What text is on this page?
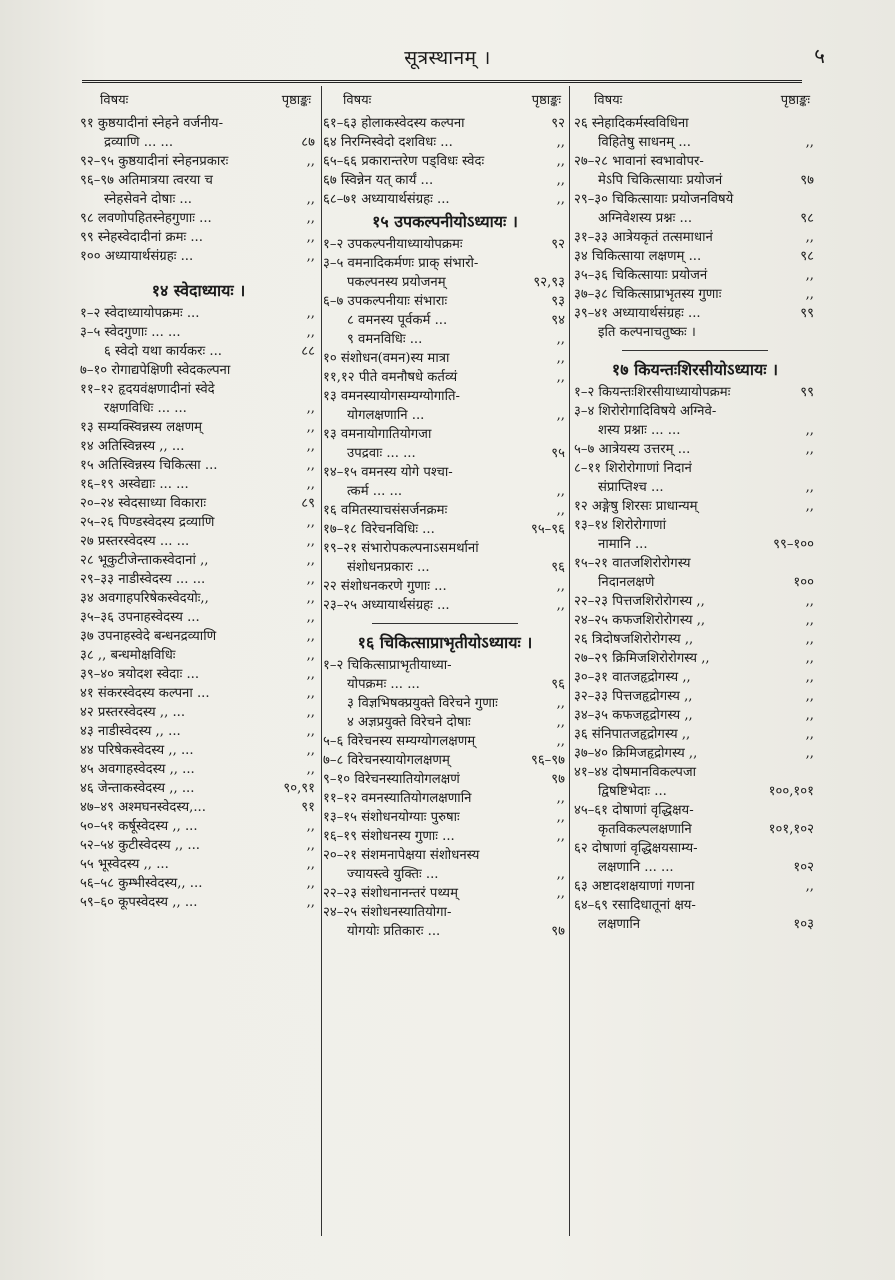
सूत्रस्थानम् ।	५
विषयः	पृष्ठाङ्कः
९१ कुष्ठयादीनां स्नेहने वर्जनीय-
द्रव्याणि ... ...	८७
९२–९५ कुष्ठयादीनां स्नेहनप्रकारः	,,
९६–९७ अतिमात्रया त्वरया च
स्नेहसेवने दोषाः ...	,,
९८ लवणोपहितस्नेहगुणाः ...	,,
९९ स्नेहस्वेदादीनां क्रमः ...	,,
१०० अध्यायार्थसंग्रहः ...	,,
१४ स्वेदाध्यायः ।
१–२ स्वेदाध्यायोपक्रमः ...	,,
३–५ स्वेदगुणाः ... ...	,,
६ स्वेदो यथा कार्यकरः ...	८८
७–१० रोगाद्यपेक्षिणी स्वेदकल्पना
११–१२ हृदयवंक्षणादीनां स्वेदे
रक्षणविधिः ... ...	,,
१३ सम्यक्स्विन्नस्य लक्षणम्	,,
१४ अतिस्विन्नस्य ,, ...	,,
१५ अतिस्विन्नस्य चिकित्सा ...	,,
१६–१९ अस्वेद्याः ... ...	,,
२०–२४ स्वेदसाध्या विकाराः	८९
२५–२६ पिण्डस्वेदस्य द्रव्याणि	,,
२७ प्रस्तरस्वेदस्य ... ...	,,
२८ भूकुटीजेन्ताकस्वेदानां ,,	,,
२९–३३ नाडीस्वेदस्य ... ...	,,
३४ अवगाहपरिषेकस्वेदयोः,,	,,
३५–३६ उपनाहस्वेदस्य ...	,,
३७ उपनाहस्वेदे बन्धनद्रव्याणि	,,
३८ ,, बन्धमोक्षविधिः	,,
३९–४० त्रयोदश स्वेदाः ...	,,
४१ संकरस्वेदस्य कल्पना ...	,,
४२ प्रस्तरस्वेदस्य ,, ...	,,
४३ नाडीस्वेदस्य ,, ...	,,
४४ परिषेकस्वेदस्य ,, ...	,,
४५ अवगाहस्वेदस्य ,, ...	,,
४६ जेन्ताकस्वेदस्य ,, ...	९०,९१
४७–४९ अश्मघनस्वेदस्य,...	९१
५०–५१ कर्षूस्वेदस्य ,, ...	,,
५२–५४ कुटीस्वेदस्य ,, ...	,,
५५ भूस्वेदस्य ,, ...	,,
५६–५८ कुम्भीस्वेदस्य,, ...	,,
५९–६० कूपस्वेदस्य ,, ...	,,
विषयः	पृष्ठाङ्कः
६१–६३ होलाकस्वेदस्य कल्पना	९२
६४ निरग्निस्वेदो दशविधः ...	,,
६५–६६ प्रकारान्तरेण पड्विधः स्वेदः	,,
६७ स्विन्नेन यत् कार्यं ...	,,
६८–७१ अध्यायार्थसंग्रहः ...	,,
१५ उपकल्पनीयोऽध्यायः ।
१–२ उपकल्पनीयाध्यायोपक्रमः	९२
३–५ वमनादिकर्मणः प्राक् संभारो-
पकल्पनस्य प्रयोजनम्	९२,९३
६–७ उपकल्पनीयाः संभाराः	९३
८ वमनस्य पूर्वकर्म ...	९४
९ वमनविधिः ...	,,
१० संशोधन(वमन)स्य मात्रा	,,
११,१२ पीते वमनौषधे कर्तव्यं	,,
१३ वमनस्यायोगसम्यग्योगाति-
योगलक्षणानि ...	,,
१३ वमनायोगातियोगजा
उपद्रवाः ... ...	९५
१४–१५ वमनस्य योगे पश्चा-
त्कर्म ... ...	,,
१६ वमितस्याचसंसर्जनक्रमः	,,
१७–१८ विरेचनविधिः ...	९५–९६
१९–२१ संभारोपकल्पनाऽसमर्थानां
संशोधनप्रकारः ...	९६
२२ संशोधनकरणे गुणाः ...	,,
२३–२५ अध्यायार्थसंग्रहः ...	,,
१६ चिकित्साप्राभृतीयोऽध्यायः ।
१–२ चिकित्साप्राभृतीयाध्या-
योपक्रमः ... ...	९६
३ विज्ञभिषक्प्रयुक्ते विरेचने गुणाः	,,
४ अज्ञप्रयुक्ते विरेचने दोषाः	,,
५–६ विरेचनस्य सम्यग्योगलक्षणम्	,,
७–८ विरेचनस्यायोगलक्षणम्	९६–९७
९–१० विरेचनस्यातियोगलक्षणं	९७
११–१२ वमनस्यातियोगलक्षणानि	,,
१३–१५ संशोधनयोग्याः पुरुषाः	,,
१६–१९ संशोधनस्य गुणाः ...	,,
२०–२१ संशमनापेक्षया संशोधनस्य
ज्यायस्त्वे युक्तिः ...	,,
२२–२३ संशोधनानन्तरं पथ्यम्	,,
२४–२५ संशोधनस्यातियोगा-
योगयोः प्रतिकारः ...	९७
विषयः	पृष्ठाङ्कः
२६ स्नेहादिकर्मस्वविधिना
विहितेषु साधनम् ...	,,
२७–२८ भावानां स्वभावोपर-
मेऽपि चिकित्सायाः प्रयोजनं	९७
२९–३० चिकित्सायाः प्रयोजनविषये
अग्निवेशस्य प्रश्नः ...	९८
३१–३३ आत्रेयकृतं तत्समाधानं	,,
३४ चिकित्साया लक्षणम् ...	९८
३५–३६ चिकित्सायाः प्रयोजनं	,,
३७–३८ चिकित्साप्राभृतस्य गुणाः	,,
३९–४१ अध्यायार्थसंग्रहः ...	९९
इति कल्पनाचतुष्कः ।
१७ कियन्तःशिरसीयोऽध्यायः ।
१–२ कियन्तःशिरसीयाध्यायोपक्रमः	९९
३–४ शिरोरोगादिविषये अग्निवे-
शस्य प्रश्नाः ... ...	,,
५–७ आत्रेयस्य उत्तरम् ...	,,
८–११ शिरोरोगाणां निदानं
संप्राप्तिश्च ...	,,
१२ अङ्गेषु शिरसः प्राधान्यम्	,,
१३–१४ शिरोरोगाणां
नामानि ...	९९–१००
१५–२१ वातजशिरोरोगस्य
निदानलक्षणे	१००
२२–२३ पित्तजशिरोरोगस्य ,,	,,
२४–२५ कफजशिरोरोगस्य ,,	,,
२६ त्रिदोषजशिरोरोगस्य ,,	,,
२७–२९ क्रिमिजशिरोरोगस्य ,,	,,
३०–३१ वातजहृद्रोगस्य ,,	,,
३२–३३ पित्तजहृद्रोगस्य ,,	,,
३४–३५ कफजहृद्रोगस्य ,,	,,
३६ संनिपातजहृद्रोगस्य ,,	,,
३७–४० क्रिमिजहृद्रोगस्य ,,	,,
४१–४४ दोषमानविकल्पजा
द्विषष्टिभेदाः ...	१००,१०१
४५–६१ दोषाणां वृद्धिक्षय-
कृतविकल्पलक्षणानि	१०१,१०२
६२ दोषाणां वृद्धिक्षयसाम्य-
लक्षणानि ... ...	१०२
६३ अष्टादशक्षयाणां गणना	,,
६४–६९ रसादिधातूनां क्षय-
लक्षणानि	१०३
